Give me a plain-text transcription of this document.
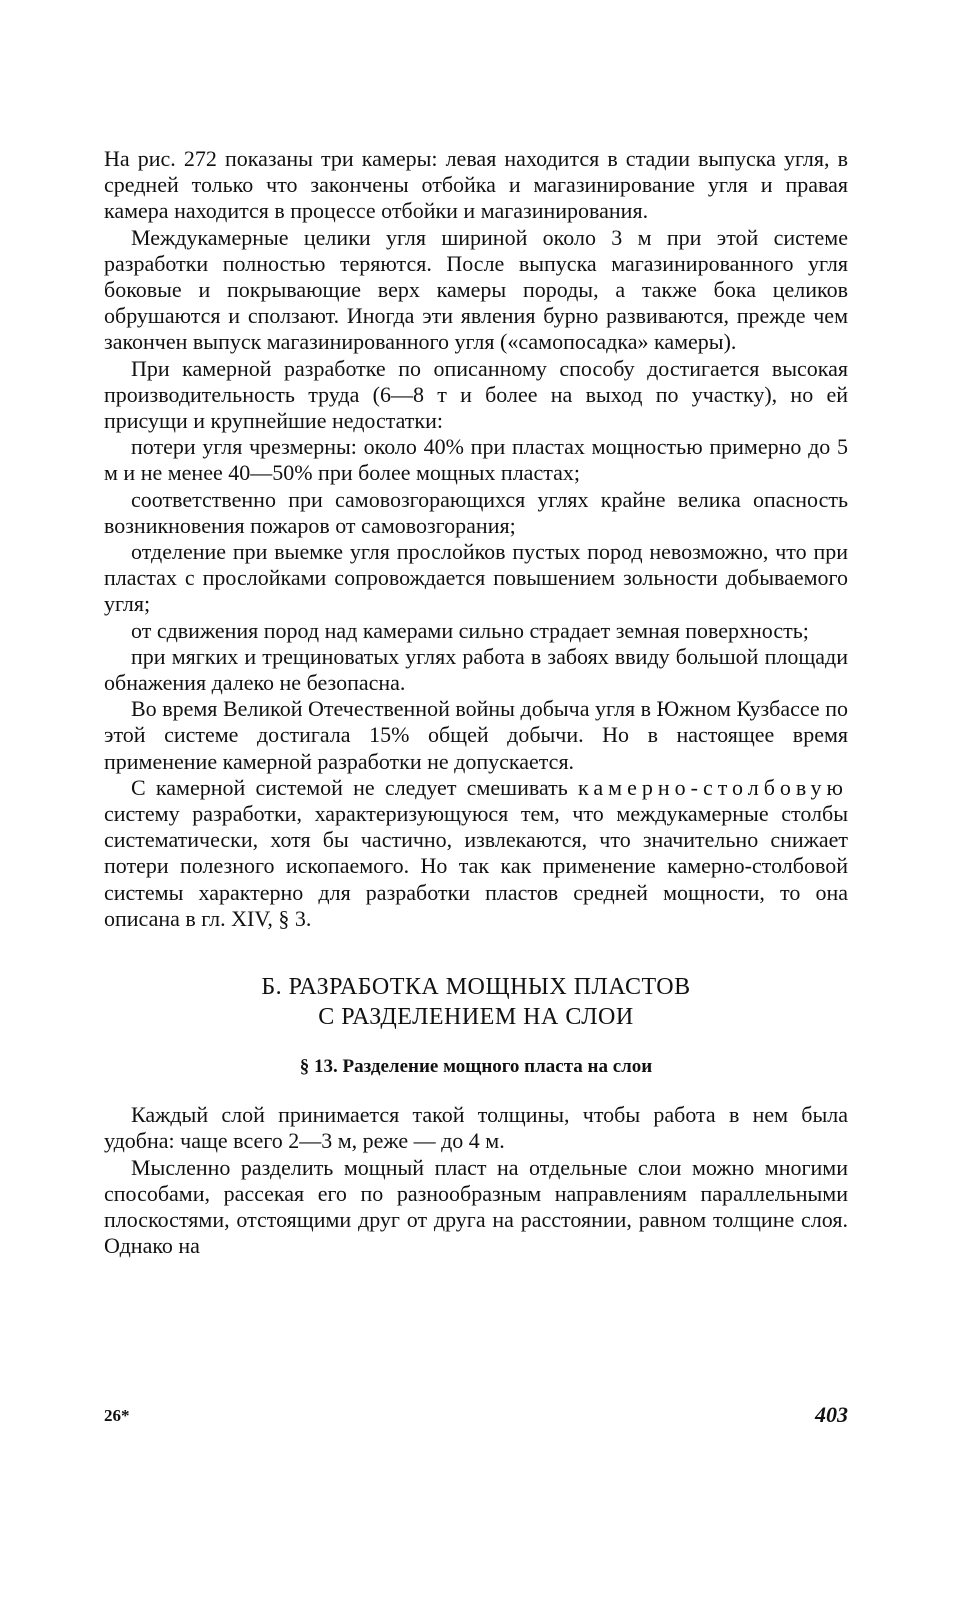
На рис. 272 показаны три камеры: левая находится в стадии выпуска угля, в средней только что закончены отбойка и магазинирование угля и правая камера находится в процессе отбойки и магазинирования.

Междукамерные целики угля шириной около 3 м при этой системе разработки полностью теряются. После выпуска магазинированного угля боковые и покрывающие верх камеры породы, а также бока целиков обрушаются и сползают. Иногда эти явления бурно развиваются, прежде чем закончен выпуск магазинированного угля («самопосадка» камеры).

При камерной разработке по описанному способу достигается высокая производительность труда (6—8 т и более на выход по участку), но ей присущи и крупнейшие недостатки:

потери угля чрезмерны: около 40% при пластах мощностью примерно до 5 м и не менее 40—50% при более мощных пластах;

соответственно при самовозгорающихся углях крайне велика опасность возникновения пожаров от самовозгорания;

отделение при выемке угля прослойков пустых пород невозможно, что при пластах с прослойками сопровождается повышением зольности добываемого угля;

от сдвижения пород над камерами сильно страдает земная поверхность;

при мягких и трещиноватых углях работа в забоях ввиду большой площади обнажения далеко не безопасна.

Во время Великой Отечественной войны добыча угля в Южном Кузбассе по этой системе достигала 15% общей добычи. Но в настоящее время применение камерной разработки не допускается.

С камерной системой не следует смешивать камерно-столбовую систему разработки, характеризующуюся тем, что междукамерные столбы систематически, хотя бы частично, извлекаются, что значительно снижает потери полезного ископаемого. Но так как применение камерно-столбовой системы характерно для разработки пластов средней мощности, то она описана в гл. XIV, § 3.

Б. РАЗРАБОТКА МОЩНЫХ ПЛАСТОВ
С РАЗДЕЛЕНИЕМ НА СЛОИ
§ 13. Разделение мощного пласта на слои

Каждый слой принимается такой толщины, чтобы работа в нем была удобна: чаще всего 2—3 м, реже — до 4 м.

Мысленно разделить мощный пласт на отдельные слои можно многими способами, рассекая его по разнообразным направлениям параллельными плоскостями, отстоящими друг от друга на расстоянии, равном толщине слоя. Однако на

26*	403
